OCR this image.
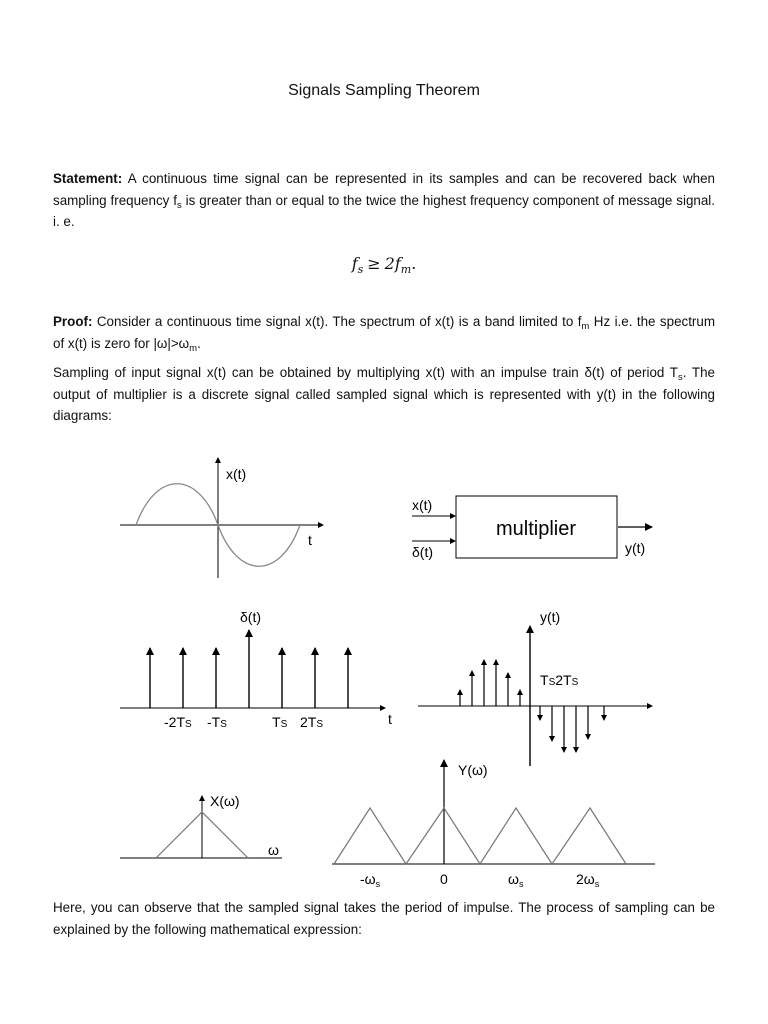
Signals Sampling Theorem

Statement: A continuous time signal can be represented in its samples and can be recovered back when sampling frequency $f_s$ is greater than or equal to the twice the highest frequency component of message signal. i. e.

$f_s \ge 2f_m$.

Proof: Consider a continuous time signal x(t). The spectrum of x(t) is a band limited to $f_m$ Hz i.e. the spectrum of x(t) is zero for $|\omega|>\omega_m$.

Sampling of input signal x(t) can be obtained by multiplying x(t) with an impulse train δ(t) of period $T_s$. The output of multiplier is a discrete signal called sampled signal which is represented with y(t) in the following diagrams:

x(t)
t	multiplier
x(t)
δ(t)	y(t)
δ(t)
t
-2TS -TS	TS 2TS
y(t)
TS2TS
X(ω)
ω
Y(ω)
$-\omega_s$	0	$\omega_s$	$2\omega_s$

Here, you can observe that the sampled signal takes the period of impulse. The process of sampling can be explained by the following mathematical expression:
